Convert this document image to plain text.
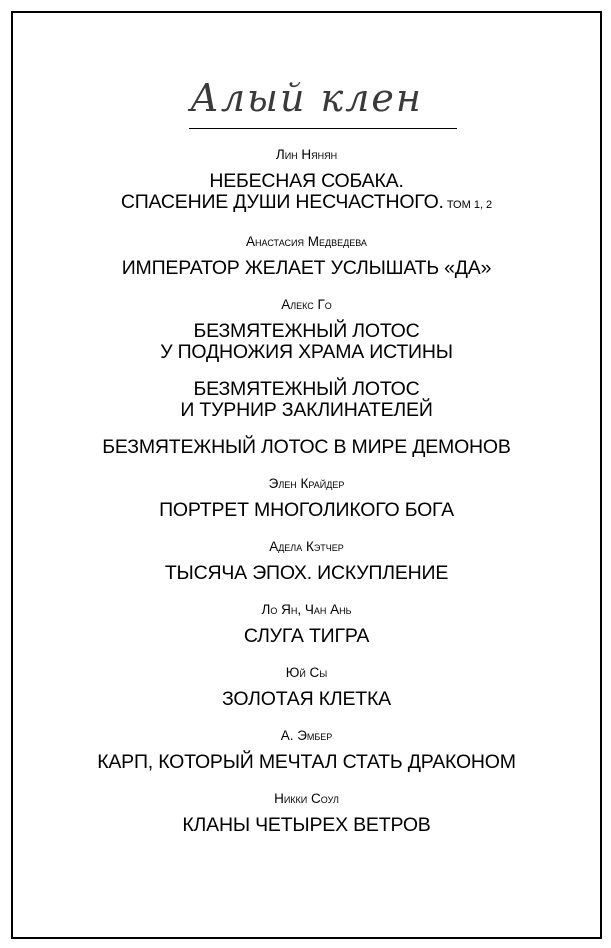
Алый клен

Лин Нянян

НЕБЕСНАЯ СОБАКА.

СПАСЕНИЕ ДУШИ НЕСЧАСТНОГО. ТОМ 1, 2

Анастасия Медведева

ИМПЕРАТОР ЖЕЛАЕТ УСЛЫШАТЬ «ДА»

Алекс Го

БЕЗМЯТЕЖНЫЙ ЛОТОС

У ПОДНОЖИЯ ХРАМА ИСТИНЫ

БЕЗМЯТЕЖНЫЙ ЛОТОС

И ТУРНИР ЗАКЛИНАТЕЛЕЙ

БЕЗМЯТЕЖНЫЙ ЛОТОС В МИРЕ ДЕМОНОВ

Элен Крайдер

ПОРТРЕТ МНОГОЛИКОГО БОГА

Адела Кэтчер

ТЫСЯЧА ЭПОХ. ИСКУПЛЕНИЕ

Ло Ян, Чан Ань

СЛУГА ТИГРА

Юй Сы

ЗОЛОТАЯ КЛЕТКА

А. Эмбер

КАРП, КОТОРЫЙ МЕЧТАЛ СТАТЬ ДРАКОНОМ

Никки Соул

КЛАНЫ ЧЕТЫРЕХ ВЕТРОВ
